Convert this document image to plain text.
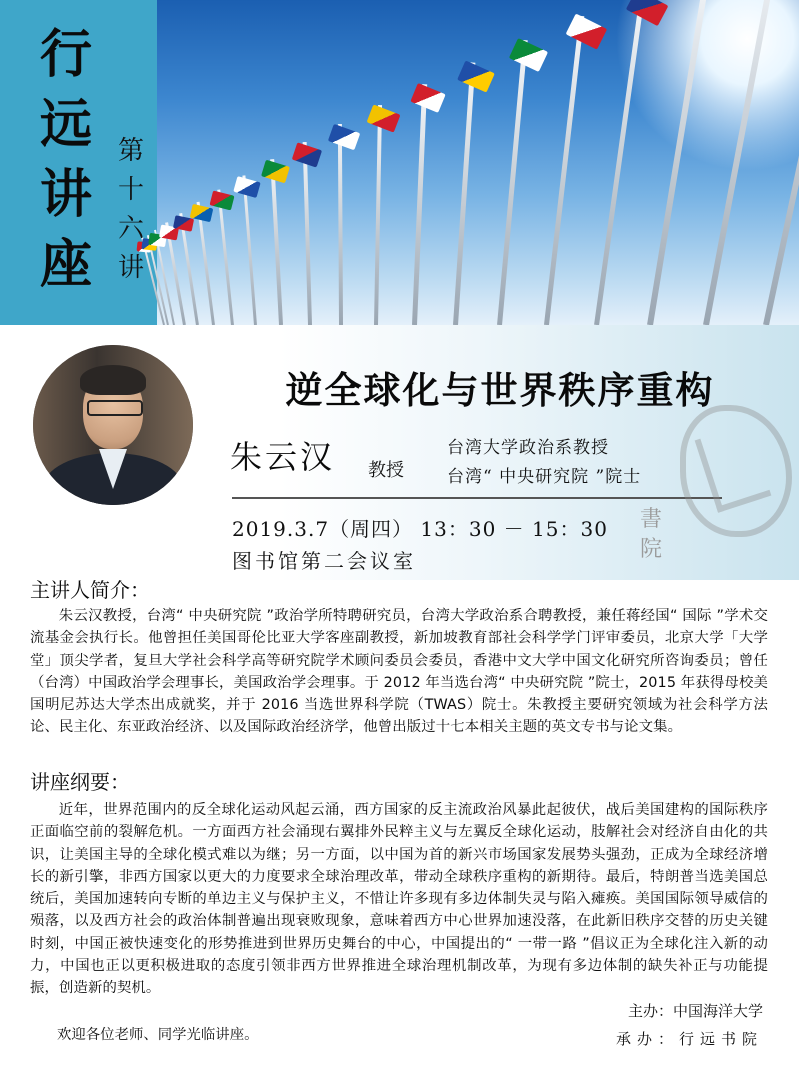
行
远
讲
座
第
十
六
讲
逆全球化与世界秩序重构
朱云汉 教授
台湾大学政治系教授
台湾“ 中央研究院 ”院士
2019.3.7（周四） 13：30 － 15：30
图书馆第二会议室
書
院
主讲人简介：
朱云汉教授，台湾“ 中央研究院 ”政治学所特聘研究员，台湾大学政治系合聘教授，兼任蒋经国“ 国际 ”学术交流基金会执行长。他曾担任美国哥伦比亚大学客座副教授，新加坡教育部社会科学学门评审委员，北京大学「大学堂」顶尖学者，复旦大学社会科学高等研究院学术顾问委员会委员，香港中文大学中国文化研究所咨询委员；曾任（台湾）中国政治学会理事长，美国政治学会理事。于 2012 年当选台湾“ 中央研究院 ”院士，2015 年获得母校美国明尼苏达大学杰出成就奖，并于 2016 当选世界科学院（TWAS）院士。朱教授主要研究领域为社会科学方法论、民主化、东亚政治经济、以及国际政治经济学，他曾出版过十七本相关主题的英文专书与论文集。
讲座纲要：
近年，世界范围内的反全球化运动风起云涌，西方国家的反主流政治风暴此起彼伏，战后美国建构的国际秩序正面临空前的裂解危机。一方面西方社会涌现右翼排外民粹主义与左翼反全球化运动，肢解社会对经济自由化的共识，让美国主导的全球化模式难以为继；另一方面，以中国为首的新兴市场国家发展势头强劲，正成为全球经济增长的新引擎，非西方国家以更大的力度要求全球治理改革，带动全球秩序重构的新期待。最后，特朗普当选美国总统后，美国加速转向专断的单边主义与保护主义，不惜让许多现有多边体制失灵与陷入瘫痪。美国国际领导威信的殒落，以及西方社会的政治体制普遍出现衰败现象，意味着西方中心世界加速没落，在此新旧秩序交替的历史关键时刻，中国正被快速变化的形势推进到世界历史舞台的中心，中国提出的“ 一带一路 ”倡议正为全球化注入新的动力，中国也正以更积极进取的态度引领非西方世界推进全球治理机制改革，为现有多边体制的缺失补正与功能提振，创造新的契机。
主办：中国海洋大学
欢迎各位老师、同学光临讲座。	承办：行远书院
